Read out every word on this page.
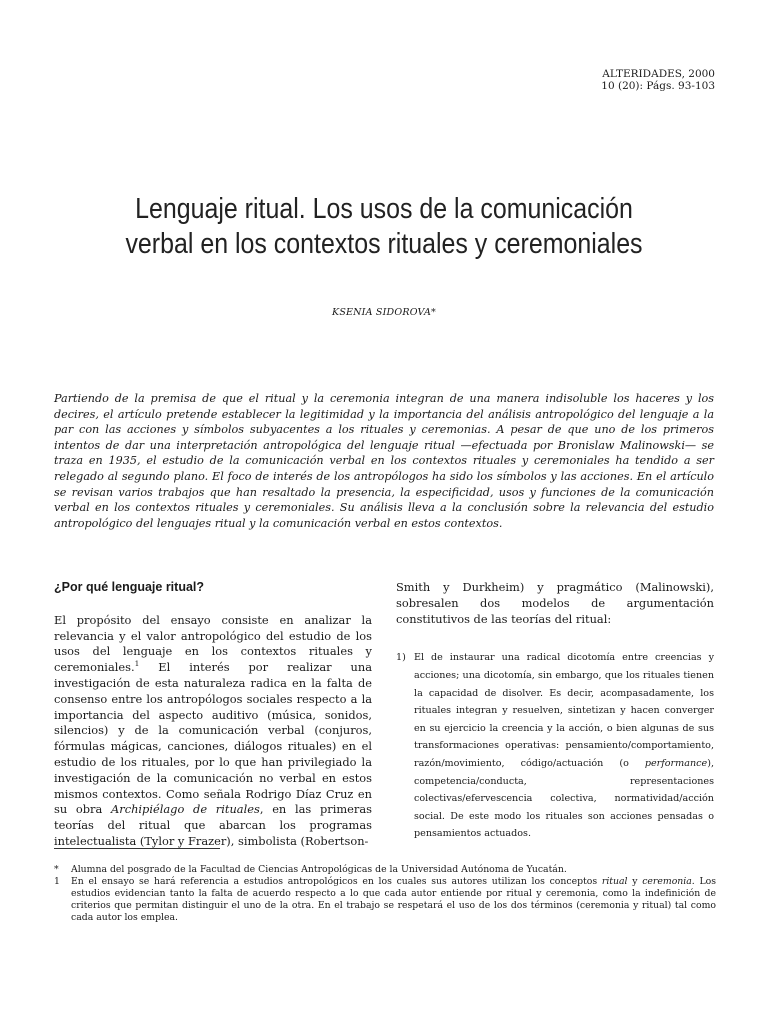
ALTERIDADES, 2000
10 (20): Págs. 93-103
Lenguaje ritual. Los usos de la comunicación
verbal en los contextos rituales y ceremoniales
KSENIA SIDOROVA*
Partiendo de la premisa de que el ritual y la ceremonia integran de una manera indisoluble los haceres y los decires, el artículo pretende establecer la legitimidad y la importancia del análisis antropológico del lenguaje a la par con las acciones y símbolos subyacentes a los rituales y ceremonias. A pesar de que uno de los primeros intentos de dar una interpretación antropológica del lenguaje ritual —efectuada por Bronislaw Malinowski— se traza en 1935, el estudio de la comunicación verbal en los contextos rituales y ceremoniales ha tendido a ser relegado al segundo plano. El foco de interés de los antropólogos ha sido los símbolos y las acciones. En el artículo se revisan varios trabajos que han resaltado la presencia, la especificidad, usos y funciones de la comunicación verbal en los contextos rituales y ceremoniales. Su análisis lleva a la conclusión sobre la relevancia del estudio antropológico del lenguajes ritual y la comunicación verbal en estos contextos.
¿Por qué lenguaje ritual?

El propósito del ensayo consiste en analizar la relevancia y el valor antropológico del estudio de los usos del lenguaje en los contextos rituales y ceremoniales.$^1$ El interés por realizar una investigación de esta naturaleza radica en la falta de consenso entre los antropólogos sociales respecto a la importancia del aspecto auditivo (música, sonidos, silencios) y de la comunicación verbal (conjuros, fórmulas mágicas, canciones, diálogos rituales) en el estudio de los rituales, por lo que han privilegiado la investigación de la comunicación no verbal en estos mismos contextos. Como señala Rodrigo Díaz Cruz en su obra Archipiélago de rituales, en las primeras teorías del ritual que abarcan los programas intelectualista (Tylor y Frazer), simbolista (Robertson-

Smith y Durkheim) y pragmático (Malinowski), sobresalen dos modelos de argumentación constitutivos de las teorías del ritual:

1) El de instaurar una radical dicotomía entre creencias y acciones; una dicotomía, sin embargo, que los rituales tienen la capacidad de disolver. Es decir, acompasadamente, los rituales integran y resuelven, sintetizan y hacen converger en su ejercicio la creencia y la acción, o bien algunas de sus transformaciones operativas: pensamiento/comportamiento, razón/movimiento, código/actuación (o performance), competencia/conducta, representaciones colectivas/efervescencia colectiva, normatividad/acción social. De este modo los rituales son acciones pensadas o pensamientos actuados.

* Alumna del posgrado de la Facultad de Ciencias Antropológicas de la Universidad Autónoma de Yucatán.

1 En el ensayo se hará referencia a estudios antropológicos en los cuales sus autores utilizan los conceptos ritual y ceremonia. Los estudios evidencian tanto la falta de acuerdo respecto a lo que cada autor entiende por ritual y ceremonia, como la indefinición de criterios que permitan distinguir el uno de la otra. En el trabajo se respetará el uso de los dos términos (ceremonia y ritual) tal como cada autor los emplea.
